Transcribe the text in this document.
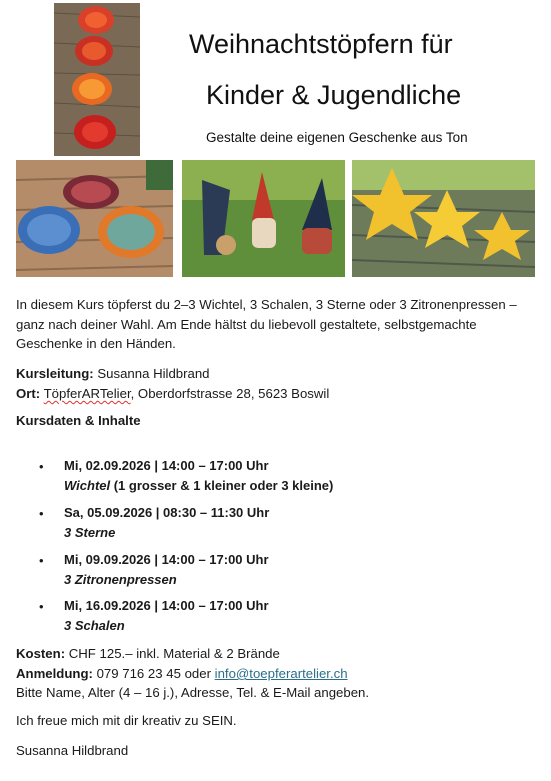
Weihnachtstöpfern für
Kinder & Jugendliche
Gestalte deine eigenen Geschenke aus Ton
In diesem Kurs töpferst du 2–3 Wichtel, 3 Schalen, 3 Sterne oder 3 Zitronenpressen – ganz nach deiner Wahl. Am Ende hältst du liebevoll gestaltete, selbstgemachte Geschenke in den Händen.
Kursleitung: Susanna Hildbrand
Ort: TöpferARTelier, Oberdorfstrasse 28, 5623 Boswil
Kursdaten & Inhalte
• Mi, 02.09.2026 | 14:00 – 17:00 Uhr
Wichtel (1 grosser & 1 kleiner oder 3 kleine)
• Sa, 05.09.2026 | 08:30 – 11:30 Uhr
3 Sterne
• Mi, 09.09.2026 | 14:00 – 17:00 Uhr
3 Zitronenpressen
• Mi, 16.09.2026 | 14:00 – 17:00 Uhr
3 Schalen
Kosten: CHF 125.– inkl. Material & 2 Brände
Anmeldung: 079 716 23 45 oder info@toepferartelier.ch
Bitte Name, Alter (4 – 16 j.), Adresse, Tel. & E-Mail angeben.
Ich freue mich mit dir kreativ zu SEIN.
Susanna Hildbrand
